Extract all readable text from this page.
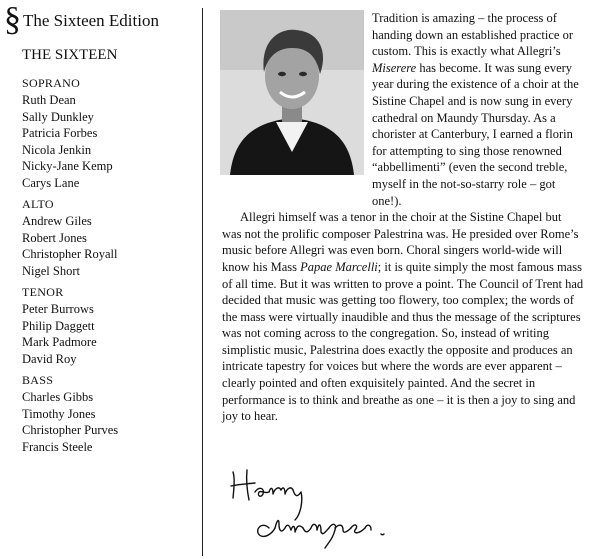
§ The Sixteen Edition
THE SIXTEEN
SOPRANO
Ruth Dean
Sally Dunkley
Patricia Forbes
Nicola Jenkin
Nicky-Jane Kemp
Carys Lane
ALTO
Andrew Giles
Robert Jones
Christopher Royall
Nigel Short
TENOR
Peter Burrows
Philip Daggett
Mark Padmore
David Roy
BASS
Charles Gibbs
Timothy Jones
Christopher Purves
Francis Steele

Tradition is amazing – the process of handing down an established practice or custom. This is exactly what Allegri’s Miserere has become. It was sung every year during the existence of a choir at the Sistine Chapel and is now sung in every cathedral on Maundy Thursday. As a chorister at Canterbury, I earned a florin for attempting to sing those renowned “abbellimenti” (even the second treble, myself in the not-so-starry role – got one!).

Allegri himself was a tenor in the choir at the Sistine Chapel but was not the prolific composer Palestrina was. He presided over Rome’s music before Allegri was even born. Choral singers world-wide will know his Mass Papae Marcelli; it is quite simply the most famous mass of all time. But it was written to prove a point. The Council of Trent had decided that music was getting too flowery, too complex; the words of the mass were virtually inaudible and thus the message of the scriptures was not coming across to the congregation. So, instead of writing simplistic music, Palestrina does exactly the opposite and produces an intricate tapestry for voices but where the words are ever apparent – clearly pointed and often exquisitely painted. And the secret in performance is to think and breathe as one – it is then a joy to sing and joy to hear.
